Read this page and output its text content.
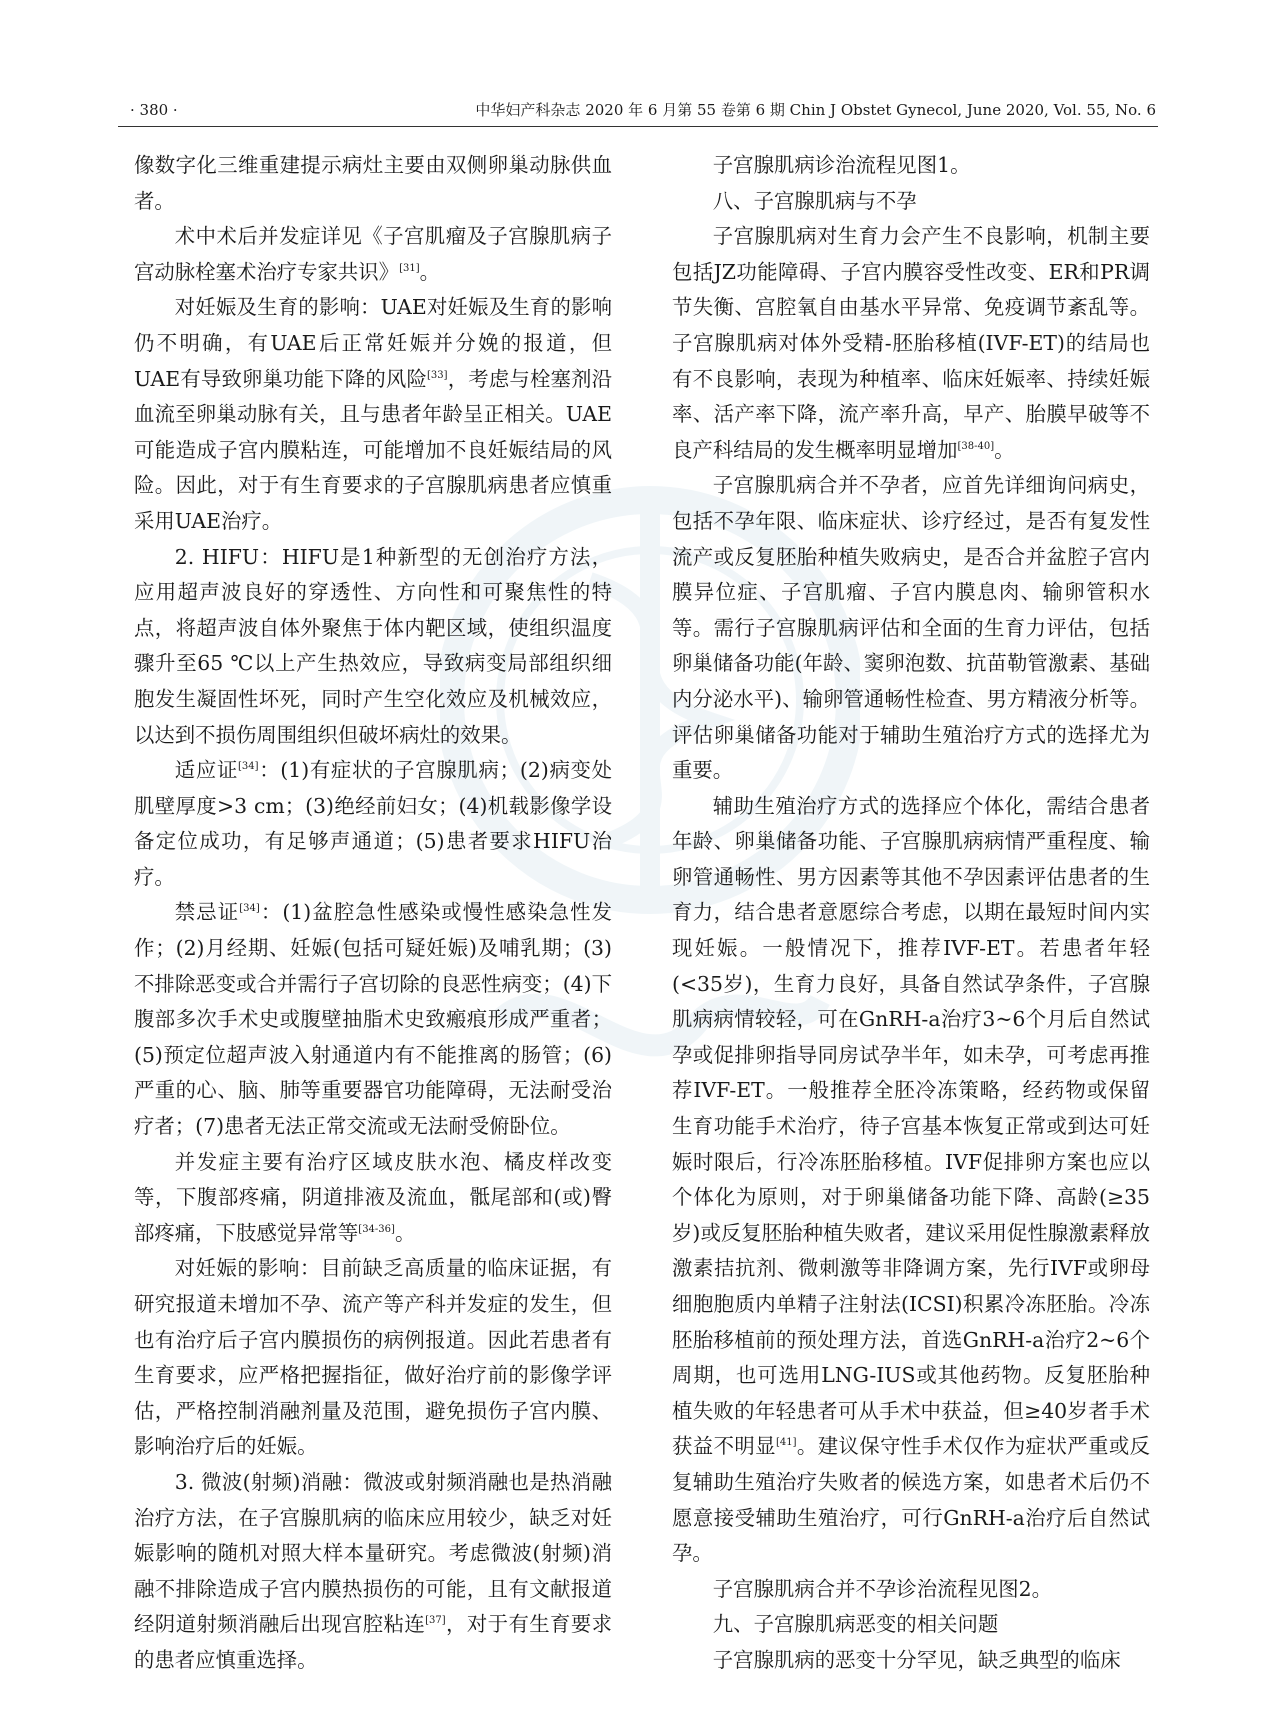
· 380 ·	中华妇产科杂志 2020 年 6 月第 55 卷第 6 期 Chin J Obstet Gynecol, June 2020, Vol. 55, No. 6

像数字化三维重建提示病灶主要由双侧卵巢动脉供血者。

术中术后并发症详见《子宫肌瘤及子宫腺肌病子宫动脉栓塞术治疗专家共识》[31]。

对妊娠及生育的影响：UAE对妊娠及生育的影响仍不明确，有UAE后正常妊娠并分娩的报道，但UAE有导致卵巢功能下降的风险[33]，考虑与栓塞剂沿血流至卵巢动脉有关，且与患者年龄呈正相关。UAE可能造成子宫内膜粘连，可能增加不良妊娠结局的风险。因此，对于有生育要求的子宫腺肌病患者应慎重采用UAE治疗。

2. HIFU：HIFU是1种新型的无创治疗方法，应用超声波良好的穿透性、方向性和可聚焦性的特点，将超声波自体外聚焦于体内靶区域，使组织温度骤升至65 ℃以上产生热效应，导致病变局部组织细胞发生凝固性坏死，同时产生空化效应及机械效应，以达到不损伤周围组织但破坏病灶的效果。

适应证[34]：(1)有症状的子宫腺肌病；(2)病变处肌壁厚度>3 cm；(3)绝经前妇女；(4)机载影像学设备定位成功，有足够声通道；(5)患者要求HIFU治疗。

禁忌证[34]：(1)盆腔急性感染或慢性感染急性发作；(2)月经期、妊娠(包括可疑妊娠)及哺乳期；(3)不排除恶变或合并需行子宫切除的良恶性病变；(4)下腹部多次手术史或腹壁抽脂术史致瘢痕形成严重者；(5)预定位超声波入射通道内有不能推离的肠管；(6)严重的心、脑、肺等重要器官功能障碍，无法耐受治疗者；(7)患者无法正常交流或无法耐受俯卧位。

并发症主要有治疗区域皮肤水泡、橘皮样改变等，下腹部疼痛，阴道排液及流血，骶尾部和(或)臀部疼痛，下肢感觉异常等[34-36]。

对妊娠的影响：目前缺乏高质量的临床证据，有研究报道未增加不孕、流产等产科并发症的发生，但也有治疗后子宫内膜损伤的病例报道。因此若患者有生育要求，应严格把握指征，做好治疗前的影像学评估，严格控制消融剂量及范围，避免损伤子宫内膜、影响治疗后的妊娠。

3. 微波(射频)消融：微波或射频消融也是热消融治疗方法，在子宫腺肌病的临床应用较少，缺乏对妊娠影响的随机对照大样本量研究。考虑微波(射频)消融不排除造成子宫内膜热损伤的可能，且有文献报道经阴道射频消融后出现宫腔粘连[37]，对于有生育要求的患者应慎重选择。

子宫腺肌病诊治流程见图1。

八、子宫腺肌病与不孕

子宫腺肌病对生育力会产生不良影响，机制主要包括JZ功能障碍、子宫内膜容受性改变、ER和PR调节失衡、宫腔氧自由基水平异常、免疫调节紊乱等。子宫腺肌病对体外受精-胚胎移植(IVF-ET)的结局也有不良影响，表现为种植率、临床妊娠率、持续妊娠率、活产率下降，流产率升高，早产、胎膜早破等不良产科结局的发生概率明显增加[38-40]。

子宫腺肌病合并不孕者，应首先详细询问病史，包括不孕年限、临床症状、诊疗经过，是否有复发性流产或反复胚胎种植失败病史，是否合并盆腔子宫内膜异位症、子宫肌瘤、子宫内膜息肉、输卵管积水等。需行子宫腺肌病评估和全面的生育力评估，包括卵巢储备功能(年龄、窦卵泡数、抗苗勒管激素、基础内分泌水平)、输卵管通畅性检查、男方精液分析等。评估卵巢储备功能对于辅助生殖治疗方式的选择尤为重要。

辅助生殖治疗方式的选择应个体化，需结合患者年龄、卵巢储备功能、子宫腺肌病病情严重程度、输卵管通畅性、男方因素等其他不孕因素评估患者的生育力，结合患者意愿综合考虑，以期在最短时间内实现妊娠。一般情况下，推荐IVF-ET。若患者年轻(<35岁)，生育力良好，具备自然试孕条件，子宫腺肌病病情较轻，可在GnRH-a治疗3~6个月后自然试孕或促排卵指导同房试孕半年，如未孕，可考虑再推荐IVF-ET。一般推荐全胚冷冻策略，经药物或保留生育功能手术治疗，待子宫基本恢复正常或到达可妊娠时限后，行冷冻胚胎移植。IVF促排卵方案也应以个体化为原则，对于卵巢储备功能下降、高龄(≥35岁)或反复胚胎种植失败者，建议采用促性腺激素释放激素拮抗剂、微刺激等非降调方案，先行IVF或卵母细胞胞质内单精子注射法(ICSI)积累冷冻胚胎。冷冻胚胎移植前的预处理方法，首选GnRH-a治疗2~6个周期，也可选用LNG-IUS或其他药物。反复胚胎种植失败的年轻患者可从手术中获益，但≥40岁者手术获益不明显[41]。建议保守性手术仅作为症状严重或反复辅助生殖治疗失败者的候选方案，如患者术后仍不愿意接受辅助生殖治疗，可行GnRH-a治疗后自然试孕。

子宫腺肌病合并不孕诊治流程见图2。

九、子宫腺肌病恶变的相关问题

子宫腺肌病的恶变十分罕见，缺乏典型的临床
